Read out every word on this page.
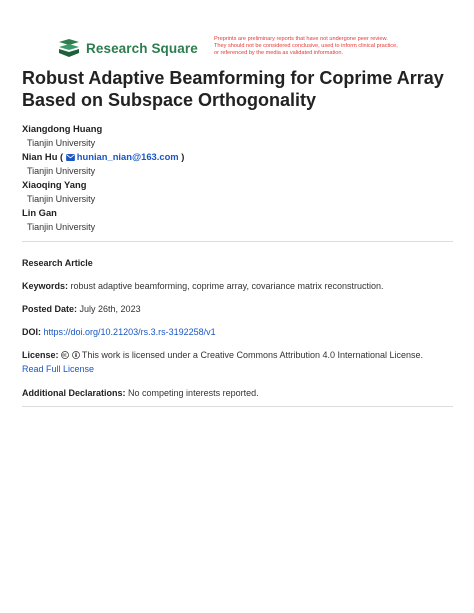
Research Square
Preprints are preliminary reports that have not undergone peer review.
They should not be considered conclusive, used to inform clinical practice,
or referenced by the media as validated information.
Robust Adaptive Beamforming for Coprime Array
Based on Subspace Orthogonality
Xiangdong Huang
Tianjin University
Nian Hu ( hunian_nian@163.com )
Tianjin University
Xiaoqing Yang
Tianjin University
Lin Gan
Tianjin University
Research Article
Keywords: robust adaptive beamforming, coprime array, covariance matrix reconstruction.
Posted Date: July 26th, 2023
DOI: https://doi.org/10.21203/rs.3.rs-3192258/v1
License:	This work is licensed under a Creative Commons Attribution 4.0 International License.
Read Full License
Additional Declarations: No competing interests reported.
